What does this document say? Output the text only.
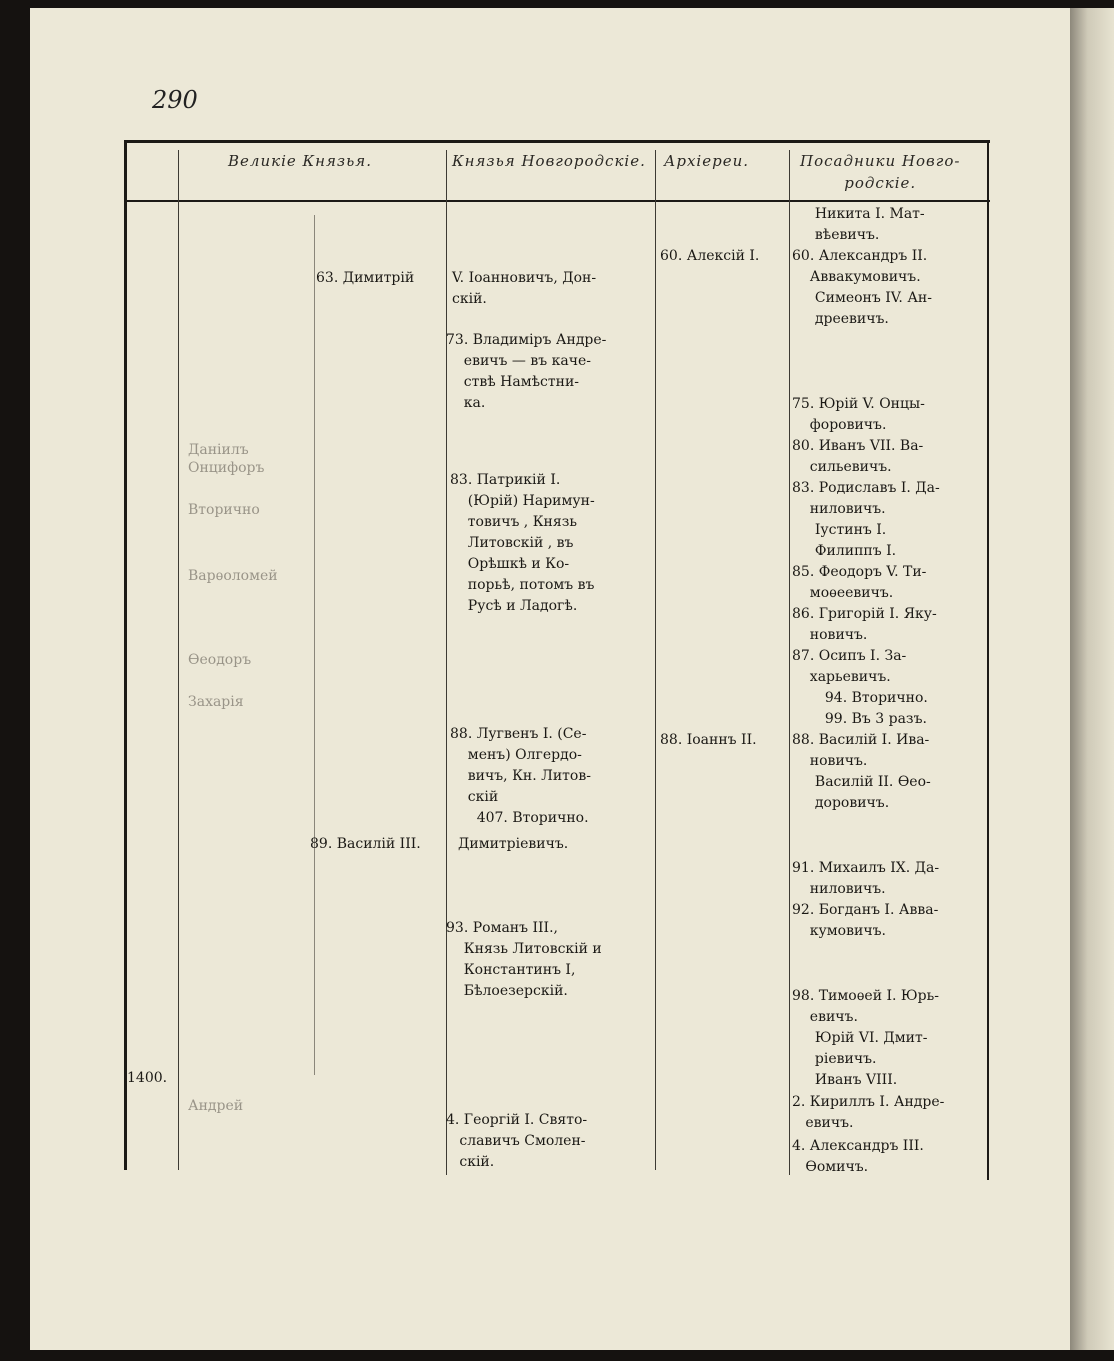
290
Великіе Князья.	Князья Новгородскіе. Архіереи.	Посадники Новго-
родскіе.
Даніилъ
Онцифоръ
Вторично
Варѳоломей
Ѳеодоръ
Захарія
Андрей
63. Димитрій
89. Василій III.
V. Іоанновичъ, Дон-
скій.
73. Владиміръ Андре-
евичъ — въ каче-
ствѣ Намѣстни-
ка.
83. Патрикій І.
(Юрій) Наримун-
товичъ , Князь
Литовскій , въ
Орѣшкѣ и Ко-
порьѣ, потомъ въ
Русѣ и Ладогѣ.
88. Лугвенъ І. (Се-
менъ) Олгердо-
вичъ, Кн. Литов-
скій
407. Вторично.
Димитріевичъ.
93. Романъ III.,
Князь Литовскій и
Константинъ І,
Бѣлоезерскій.
4. Георгій І. Свято-
славичъ Смолен-
скій.
60. Алексій І.
88. Іоаннъ II.
Никита І. Мат-
вѣевичъ.
60. Александръ II.
Аввакумовичъ.
Симеонъ IV. Ан-
дреевичъ.
75. Юрій V. Онцы-
форовичъ.
80. Иванъ VII. Ва-
сильевичъ.
83. Родиславъ І. Да-
ниловичъ.
Іустинъ І.
Филиппъ І.
85. Феодоръ V. Ти-
моѳеевичъ.
86. Григорій І. Яку-
новичъ.
87. Осипъ І. За-
харьевичъ.
94. Вторично.
99. Въ 3 разъ.
88. Василій І. Ива-
новичъ.
Василій II. Ѳео-
доровичъ.
91. Михаилъ IX. Да-
ниловичъ.
92. Богданъ І. Авва-
кумовичъ.
98. Тимоѳей І. Юрь-
евичъ.
Юрій VI. Дмит-
ріевичъ.
Иванъ VIII.
2. Кириллъ І. Андре-
евичъ.
4. Александръ III.
Ѳомичъ.
1400.
